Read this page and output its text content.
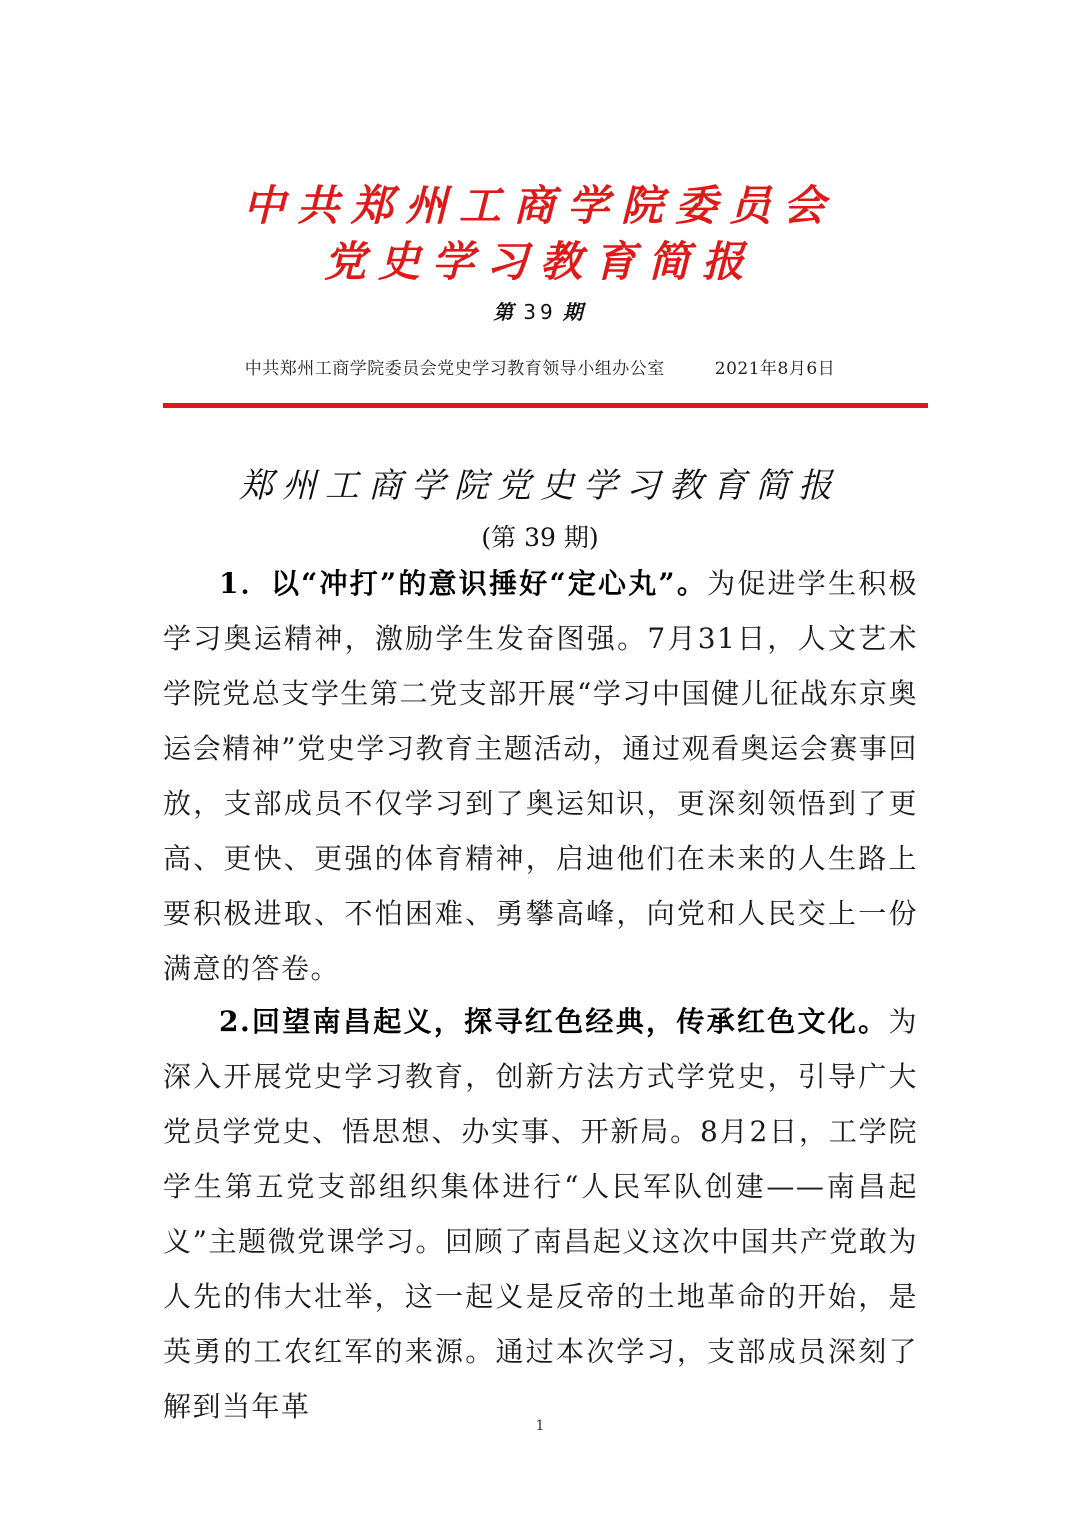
中共郑州工商学院委员会
党史学习教育简报
第 39 期
中共郑州工商学院委员会党史学习教育领导小组办公室	2021年8月6日
郑州工商学院党史学习教育简报
(第 39 期)

1．以“冲打”的意识捶好“定心丸”。为促进学生积极学习奥运精神，激励学生发奋图强。7月31日，人文艺术学院党总支学生第二党支部开展“学习中国健儿征战东京奥运会精神”党史学习教育主题活动，通过观看奥运会赛事回放，支部成员不仅学习到了奥运知识，更深刻领悟到了更高、更快、更强的体育精神，启迪他们在未来的人生路上要积极进取、不怕困难、勇攀高峰，向党和人民交上一份满意的答卷。

2.回望南昌起义，探寻红色经典，传承红色文化。为深入开展党史学习教育，创新方法方式学党史，引导广大党员学党史、悟思想、办实事、开新局。8月2日，工学院学生第五党支部组织集体进行“人民军队创建——南昌起义”主题微党课学习。回顾了南昌起义这次中国共产党敢为人先的伟大壮举，这一起义是反帝的土地革命的开始，是英勇的工农红军的来源。通过本次学习，支部成员深刻了解到当年革

1
